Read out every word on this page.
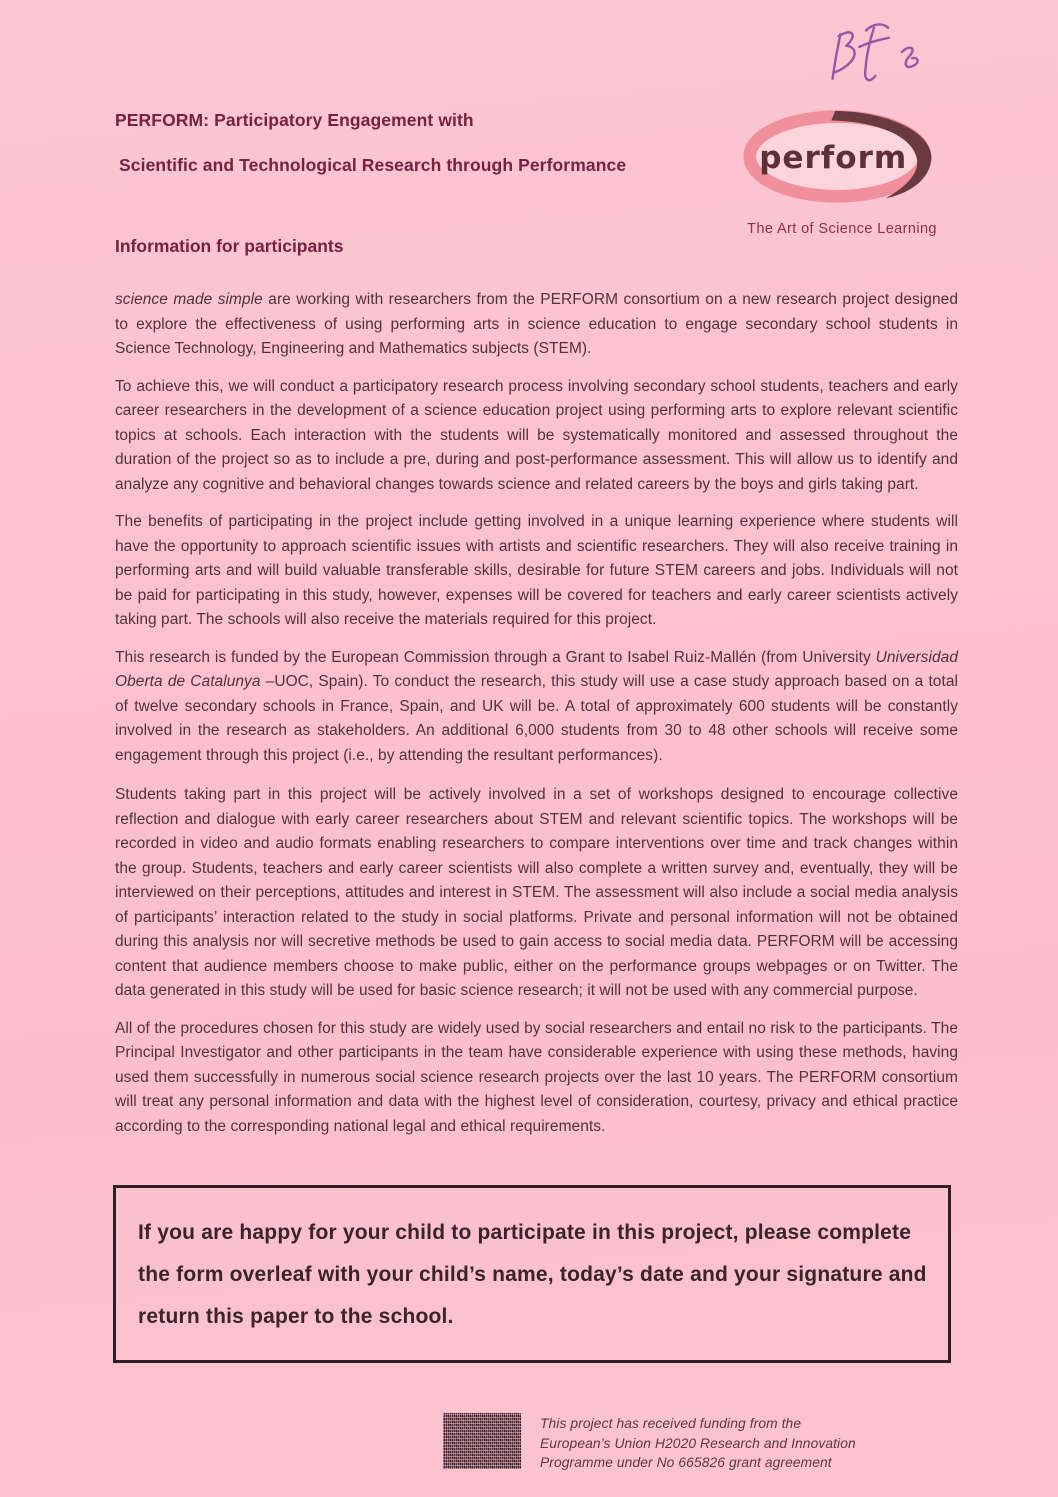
PERFORM: Participatory Engagement with
Scientific and Technological Research through Performance	perform
The Art of Science Learning
Information for participants

science made simple are working with researchers from the PERFORM consortium on a new research project designed to explore the effectiveness of using performing arts in science education to engage secondary school students in Science Technology, Engineering and Mathematics subjects (STEM).

To achieve this, we will conduct a participatory research process involving secondary school students, teachers and early career researchers in the development of a science education project using performing arts to explore relevant scientific topics at schools. Each interaction with the students will be systematically monitored and assessed throughout the duration of the project so as to include a pre, during and post-performance assessment. This will allow us to identify and analyze any cognitive and behavioral changes towards science and related careers by the boys and girls taking part.

The benefits of participating in the project include getting involved in a unique learning experience where students will have the opportunity to approach scientific issues with artists and scientific researchers. They will also receive training in performing arts and will build valuable transferable skills, desirable for future STEM careers and jobs. Individuals will not be paid for participating in this study, however, expenses will be covered for teachers and early career scientists actively taking part. The schools will also receive the materials required for this project.

This research is funded by the European Commission through a Grant to Isabel Ruiz-Mallén (from University Universidad Oberta de Catalunya –UOC, Spain). To conduct the research, this study will use a case study approach based on a total of twelve secondary schools in France, Spain, and UK will be. A total of approximately 600 students will be constantly involved in the research as stakeholders. An additional 6,000 students from 30 to 48 other schools will receive some engagement through this project (i.e., by attending the resultant performances).

Students taking part in this project will be actively involved in a set of workshops designed to encourage collective reflection and dialogue with early career researchers about STEM and relevant scientific topics. The workshops will be recorded in video and audio formats enabling researchers to compare interventions over time and track changes within the group. Students, teachers and early career scientists will also complete a written survey and, eventually, they will be interviewed on their perceptions, attitudes and interest in STEM. The assessment will also include a social media analysis of participants’ interaction related to the study in social platforms. Private and personal information will not be obtained during this analysis nor will secretive methods be used to gain access to social media data. PERFORM will be accessing content that audience members choose to make public, either on the performance groups webpages or on Twitter. The data generated in this study will be used for basic science research; it will not be used with any commercial purpose.

All of the procedures chosen for this study are widely used by social researchers and entail no risk to the participants. The Principal Investigator and other participants in the team have considerable experience with using these methods, having used them successfully in numerous social science research projects over the last 10 years. The PERFORM consortium will treat any personal information and data with the highest level of consideration, courtesy, privacy and ethical practice according to the corresponding national legal and ethical requirements.

If you are happy for your child to participate in this project, please complete the form overleaf with your child’s name, today’s date and your signature and return this paper to the school.
This project has received funding from the
European’s Union H2020 Research and Innovation
Programme under No 665826 grant agreement
